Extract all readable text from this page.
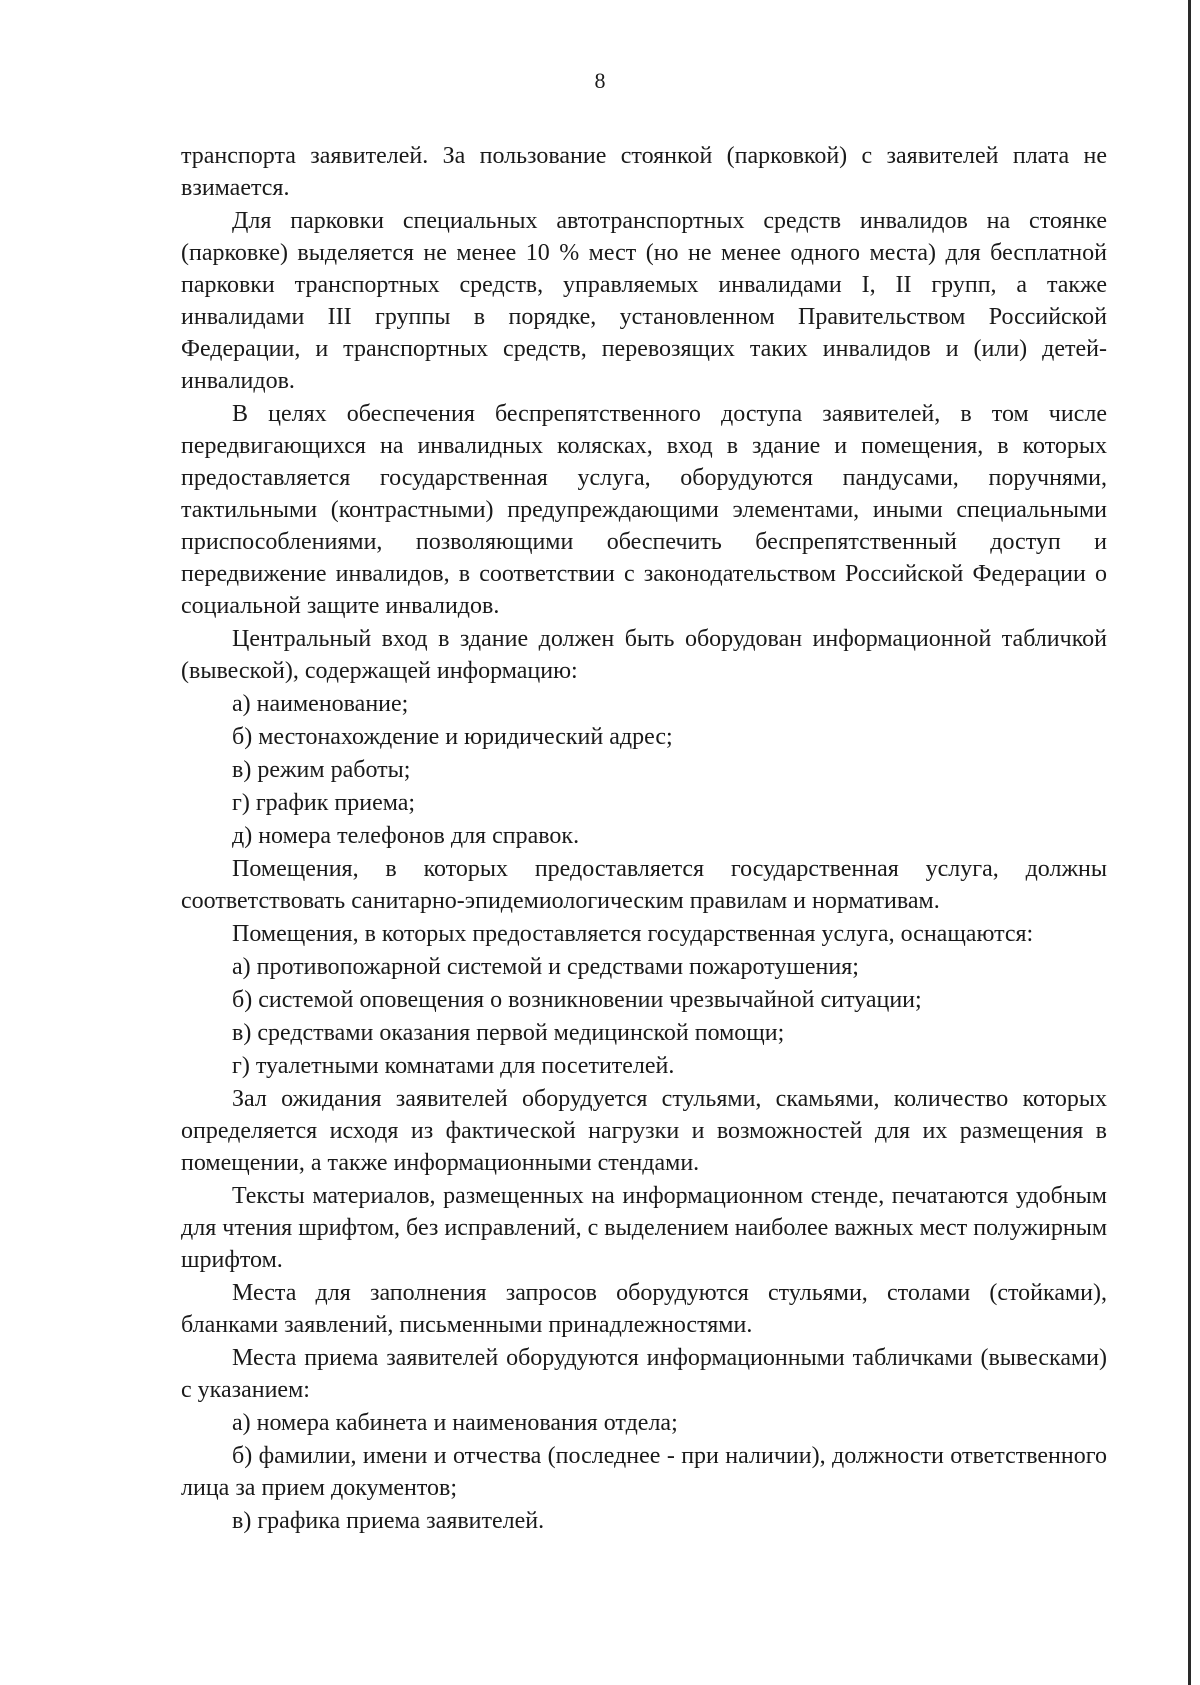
8

транспорта заявителей. За пользование стоянкой (парковкой) с заявителей плата не взимается.

Для парковки специальных автотранспортных средств инвалидов на стоянке (парковке) выделяется не менее 10 % мест (но не менее одного места) для бесплатной парковки транспортных средств, управляемых инвалидами I, II групп, а также инвалидами III группы в порядке, установленном Правительством Российской Федерации, и транспортных средств, перевозящих таких инвалидов и (или) детей-инвалидов.

В целях обеспечения беспрепятственного доступа заявителей, в том числе передвигающихся на инвалидных колясках, вход в здание и помещения, в которых предоставляется государственная услуга, оборудуются пандусами, поручнями, тактильными (контрастными) предупреждающими элементами, иными специальными приспособлениями, позволяющими обеспечить беспрепятственный доступ и передвижение инвалидов, в соответствии с законодательством Российской Федерации о социальной защите инвалидов.

Центральный вход в здание должен быть оборудован информационной табличкой (вывеской), содержащей информацию:

а) наименование;

б) местонахождение и юридический адрес;

в) режим работы;

г) график приема;

д) номера телефонов для справок.

Помещения, в которых предоставляется государственная услуга, должны соответствовать санитарно-эпидемиологическим правилам и нормативам.

Помещения, в которых предоставляется государственная услуга, оснащаются:

а) противопожарной системой и средствами пожаротушения;

б) системой оповещения о возникновении чрезвычайной ситуации;

в) средствами оказания первой медицинской помощи;

г) туалетными комнатами для посетителей.

Зал ожидания заявителей оборудуется стульями, скамьями, количество которых определяется исходя из фактической нагрузки и возможностей для их размещения в помещении, а также информационными стендами.

Тексты материалов, размещенных на информационном стенде, печатаются удобным для чтения шрифтом, без исправлений, с выделением наиболее важных мест полужирным шрифтом.

Места для заполнения запросов оборудуются стульями, столами (стойками), бланками заявлений, письменными принадлежностями.

Места приема заявителей оборудуются информационными табличками (вывесками) с указанием:

а) номера кабинета и наименования отдела;

б) фамилии, имени и отчества (последнее - при наличии), должности ответственного лица за прием документов;

в) графика приема заявителей.
